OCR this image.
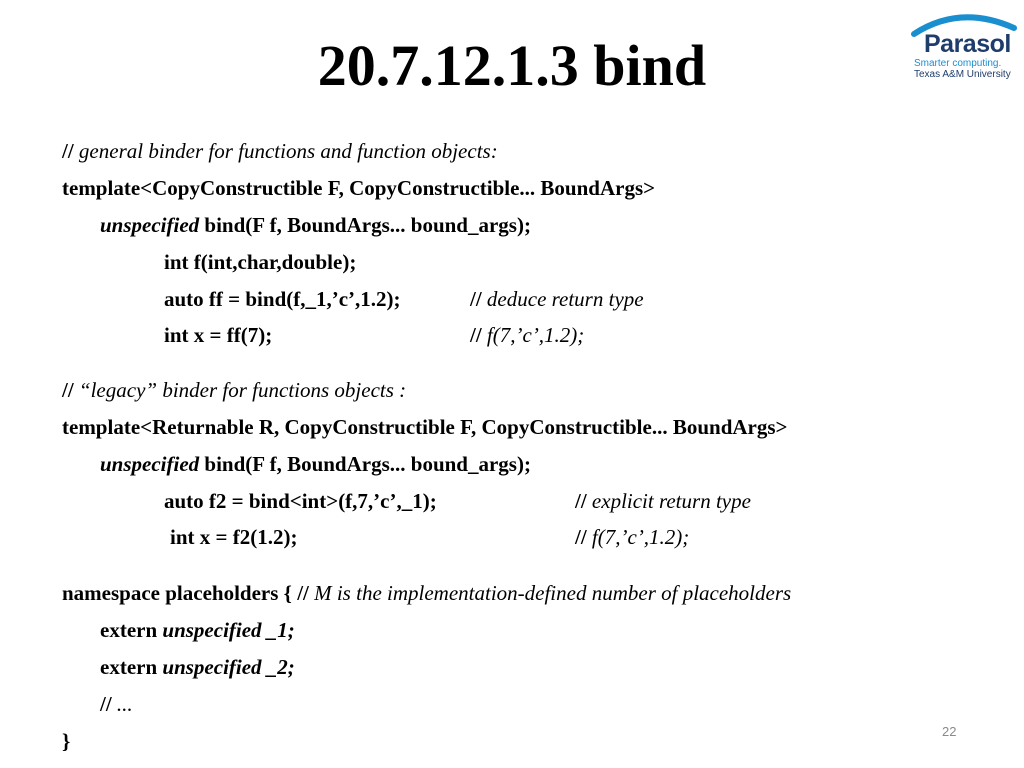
20.7.12.1.3 bind	Parasol
Smarter computing.
Texas A&M University
// general binder for functions and function objects:
template<CopyConstructible F, CopyConstructible... BoundArgs>
unspecified bind(F f, BoundArgs... bound_args);
int f(int,char,double);
auto ff = bind(f,_1,’c’,1.2);	// deduce return type
int x = ff(7);	// f(7,’c’,1.2);
// “legacy” binder for functions objects :
template<Returnable R, CopyConstructible F, CopyConstructible... BoundArgs>
unspecified bind(F f, BoundArgs... bound_args);
auto f2 = bind<int>(f,7,’c’,_1);	// explicit return type
int x = f2(1.2);	// f(7,’c’,1.2);
namespace placeholders { // M is the implementation-defined number of placeholders
extern unspecified _1;
extern unspecified _2;
// ...
}	22
